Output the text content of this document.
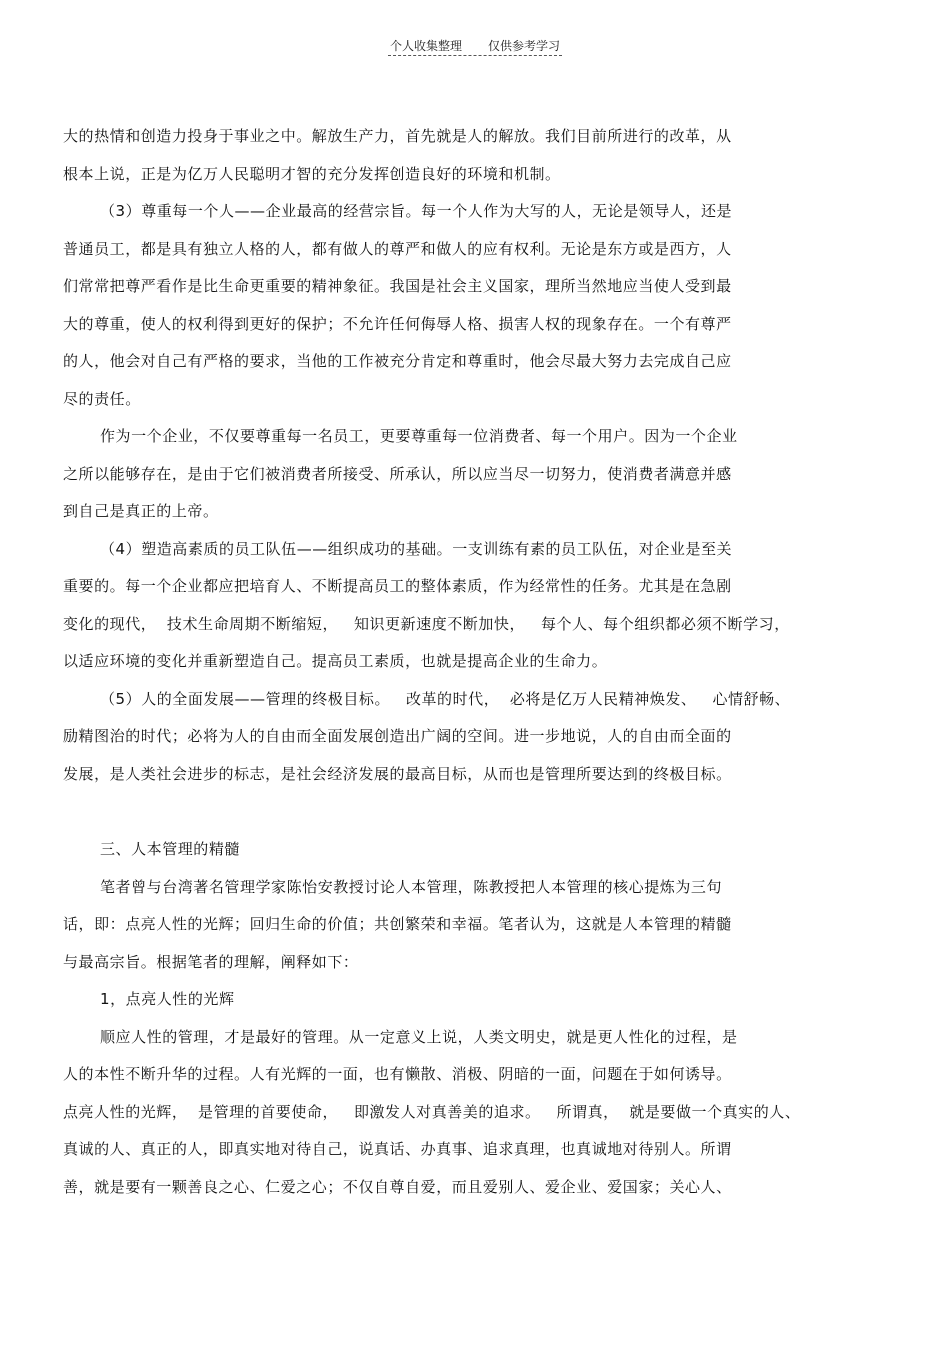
个人收集整理 仅供参考学习
大的热情和创造力投身于事业之中。解放生产力，首先就是人的解放。我们目前所进行的改革，从
根本上说，正是为亿万人民聪明才智的充分发挥创造良好的环境和机制。
（3）尊重每一个人——企业最高的经营宗旨。每一个人作为大写的人，无论是领导人，还是
普通员工，都是具有独立人格的人，都有做人的尊严和做人的应有权利。无论是东方或是西方，人
们常常把尊严看作是比生命更重要的精神象征。我国是社会主义国家，理所当然地应当使人受到最
大的尊重，使人的权利得到更好的保护；不允许任何侮辱人格、损害人权的现象存在。一个有尊严
的人，他会对自己有严格的要求，当他的工作被充分肯定和尊重时，他会尽最大努力去完成自己应
尽的责任。
作为一个企业，不仅要尊重每一名员工，更要尊重每一位消费者、每一个用户。因为一个企业
之所以能够存在，是由于它们被消费者所接受、所承认，所以应当尽一切努力，使消费者满意并感
到自己是真正的上帝。
（4）塑造高素质的员工队伍——组织成功的基础。一支训练有素的员工队伍，对企业是至关
重要的。每一个企业都应把培育人、不断提高员工的整体素质，作为经常性的任务。尤其是在急剧
变化的现代，  技术生命周期不断缩短，   知识更新速度不断加快，   每个人、每个组织都必须不断学习，
以适应环境的变化并重新塑造自己。提高员工素质，也就是提高企业的生命力。
（5）人的全面发展——管理的终极目标。   改革的时代，  必将是亿万人民精神焕发、   心情舒畅、
励精图治的时代；必将为人的自由而全面发展创造出广阔的空间。进一步地说，人的自由而全面的
发展，是人类社会进步的标志，是社会经济发展的最高目标，从而也是管理所要达到的终极目标。
三、人本管理的精髓
笔者曾与台湾著名管理学家陈怡安教授讨论人本管理，陈教授把人本管理的核心提炼为三句
话，即：点亮人性的光辉；回归生命的价值；共创繁荣和幸福。笔者认为，这就是人本管理的精髓
与最高宗旨。根据笔者的理解，阐释如下：
1，点亮人性的光辉
顺应人性的管理，才是最好的管理。从一定意义上说，人类文明史，就是更人性化的过程，是
人的本性不断升华的过程。人有光辉的一面，也有懒散、消极、阴暗的一面，问题在于如何诱导。
点亮人性的光辉，  是管理的首要使命，   即激发人对真善美的追求。   所谓真，  就是要做一个真实的人、
真诚的人、真正的人，即真实地对待自己，说真话、办真事、追求真理，也真诚地对待别人。所谓
善，就是要有一颗善良之心、仁爱之心；不仅自尊自爱，而且爱别人、爱企业、爱国家；关心人、
